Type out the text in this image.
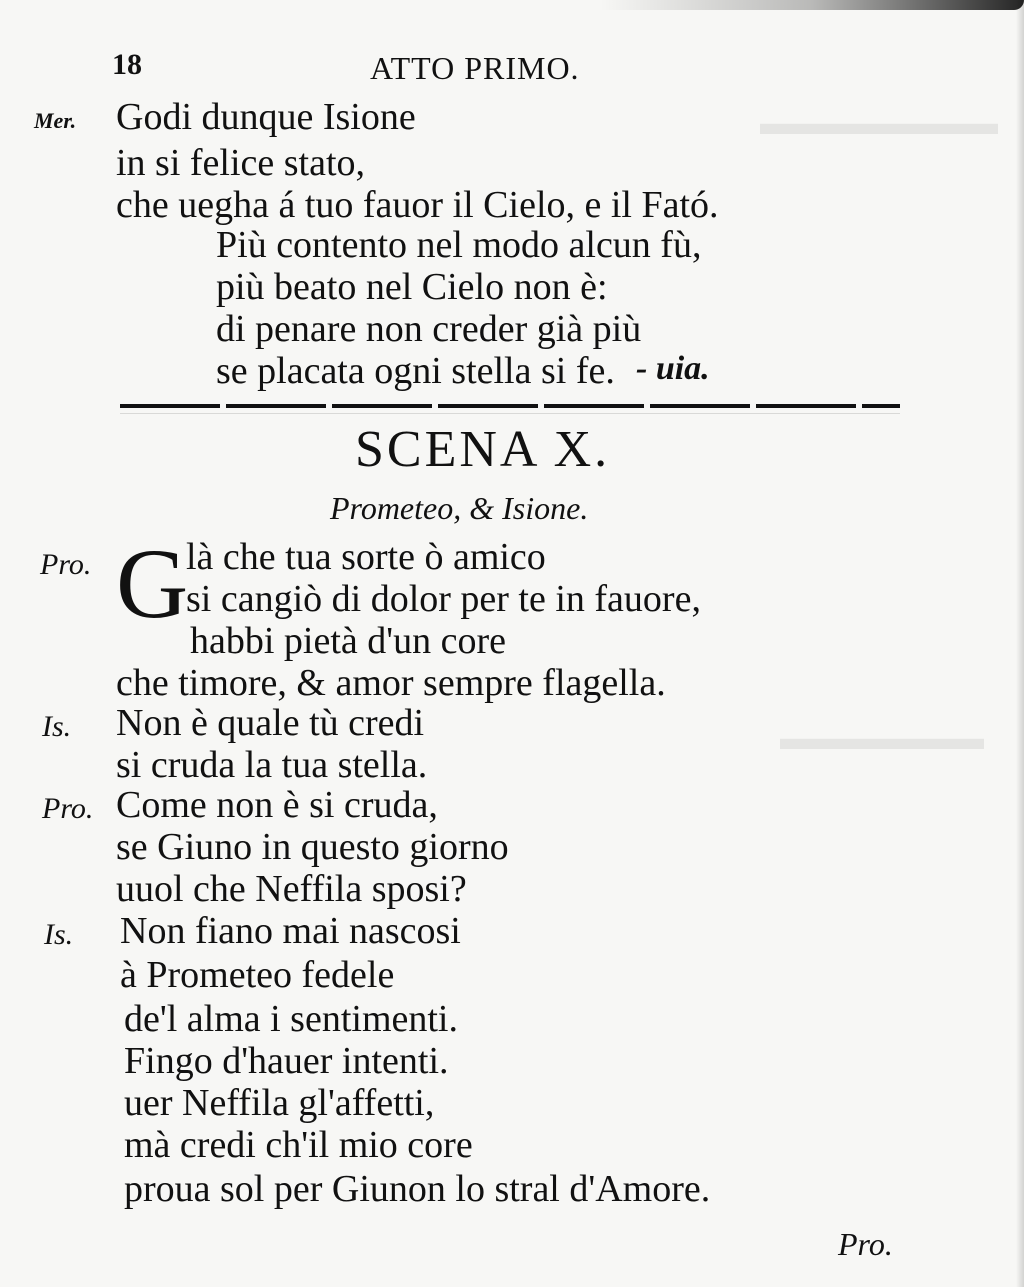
▬▬▬▬▬▬▬
▬▬▬▬▬▬
18	ATTO PRIMO.
Mer. Godi dunque Isione
in si felice stato,
che uegha á tuo fauor il Cielo, e il Fató.
Più contento nel modo alcun fù,
più beato nel Cielo non è:
di penare non creder già più
se placata ogni stella si fe. - uia.
SCENA X.
Prometeo, & Isione.
Pro. G
là che tua sorte ò amico
si cangiò di dolor per te in fauore,
habbi pietà d'un core
che timore, & amor sempre flagella.
Is. Non è quale tù credi
si cruda la tua stella.
Pro. Come non è si cruda,
se Giuno in questo giorno
uuol che Neffila sposi?
Is. Non fiano mai nascosi
à Prometeo fedele
de'l alma i sentimenti.
Fingo d'hauer intenti.
uer Neffila gl'affetti,
mà credi ch'il mio core
proua sol per Giunon lo stral d'Amore.
Pro.
